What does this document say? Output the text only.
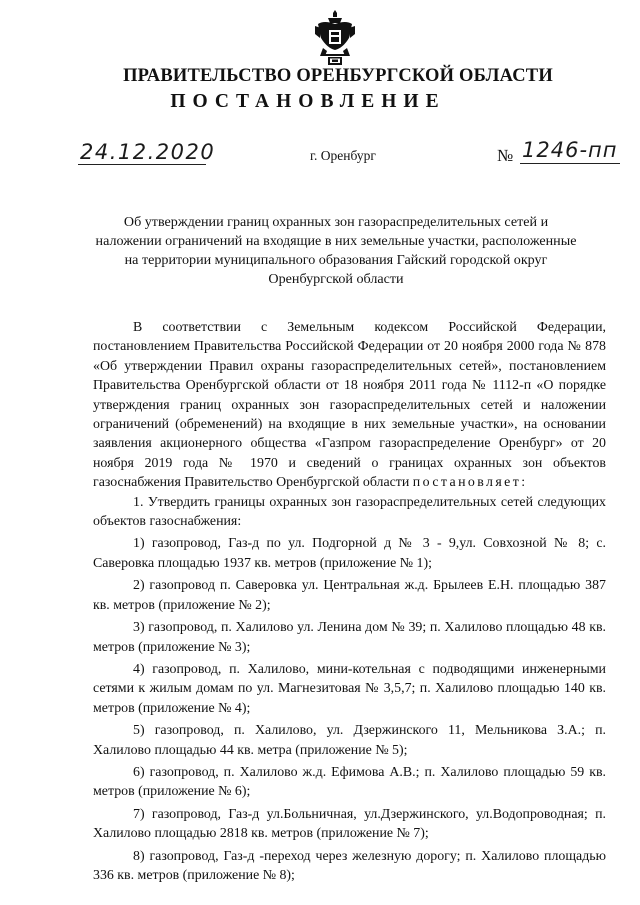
ПРАВИТЕЛЬСТВО ОРЕНБУРГСКОЙ ОБЛАСТИ
ПОСТАНОВЛЕНИЕ
24.12.2020	г. Оренбург	№ 1246-пп
Об утверждении границ охранных зон газораспределительных сетей и наложении ограничений на входящие в них земельные участки, расположенные на территории муниципального образования Гайский городской округ Оренбургской области

В соответствии с Земельным кодексом Российской Федерации, постановлением Правительства Российской Федерации от 20 ноября 2000 года № 878 «Об утверждении Правил охраны газораспределительных сетей», постановлением Правительства Оренбургской области от 18 ноября 2011 года № 1112-п «О порядке утверждения границ охранных зон газораспределительных сетей и наложении ограничений (обременений) на входящие в них земельные участки», на основании заявления акционерного общества «Газпром газораспределение Оренбург» от 20 ноября 2019 года № 1970 и сведений о границах охранных зон объектов газоснабжения Правительство Оренбургской области постановляет:

1. Утвердить границы охранных зон газораспределительных сетей следующих объектов газоснабжения:

1) газопровод, Газ-д по ул. Подгорной д № 3 - 9,ул. Совхозной № 8; с. Саверовка площадью 1937 кв. метров (приложение № 1);

2) газопровод п. Саверовка ул. Центральная ж.д. Брылеев Е.Н. площадью 387 кв. метров (приложение № 2);

3) газопровод, п. Халилово ул. Ленина дом № 39; п. Халилово площадью 48 кв. метров (приложение № 3);

4) газопровод, п. Халилово, мини-котельная с подводящими инженерными сетями к жилым домам по ул. Магнезитовая № 3,5,7; п. Халилово площадью 140 кв. метров (приложение № 4);

5) газопровод, п. Халилово, ул. Дзержинского 11, Мельникова З.А.; п. Халилово площадью 44 кв. метра (приложение № 5);

6) газопровод, п. Халилово ж.д. Ефимова А.В.; п. Халилово площадью 59 кв. метров (приложение № 6);

7) газопровод, Газ-д ул.Больничная, ул.Дзержинского, ул.Водопроводная; п. Халилово площадью 2818 кв. метров (приложение № 7);

8) газопровод, Газ-д -переход через железную дорогу; п. Халилово площадью 336 кв. метров (приложение № 8);
